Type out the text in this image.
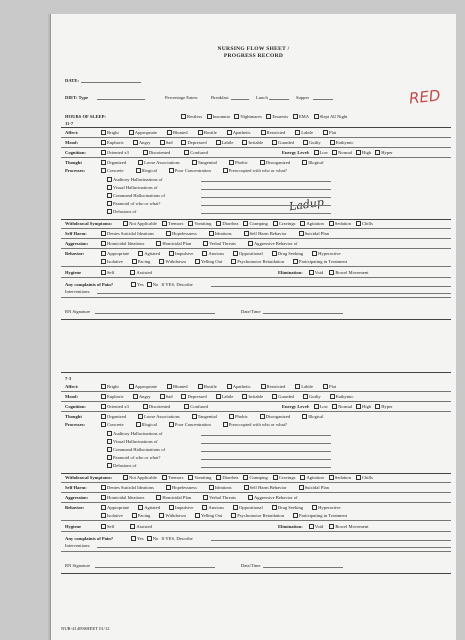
NURSING FLOW SHEET /
PROGRESS RECORD
RED
DATE:
DIET: Type	Percentage Eaten:	Breakfast	Lunch	Supper
HOURS OF SLEEP:	Restless Insomnia Nightmares Enuresis EMA Slept All Night
11-7
7-3
NUR-41409SHEET 01/12
Ladup
Affect:	Bright	Appropriate	Blunted	Hostile	Apathetic	Restricted	Labile	Flat
Mood:	Euphoric	Angry	Sad	Depressed	Labile	Irritable	Guarded	Guilty	Euthymic
Cognition:	Oriented x3	Disoriented	Confused	Energy Level: Low Normal High Hyper
Thought	Organized	Loose Associations	Tangential	Phobic	Disorganized	Illogical
Processes:	Concrete	Illogical	Poor Concentration	Preoccupied with who or what?
Auditory Hallucinations of
Visual Hallucinations of
Command Hallucinations of
Paranoid of who or what?
Delusions of
Withdrawal Symptoms:	Not Applicable Tremors Vomiting Diarrhea Cramping Cravings Agitation Sedation Chills
Self Harm:	Denies Suicidal Ideations	Hopelessness	Ideations	Self Harm Behavior	Suicidal Plan
Aggression:	Homicidal Ideations	Homicidal Plan	Verbal Threats	Aggressive Behavior of
Behavior:	Appropriate	Agitated	Impulsive	Anxious	Oppositional	Drug Seeking	Hyperactive
Isolative	Pacing	Withdrawn	Yelling Out	Psychomotor Retardation	Participating in Treatment
Hygiene	Self	Assisted	Elimination:	Void	Bowel Movement
Any complaints of Pain?	Yes No If YES, Describe
Interventions:
RN Signature	Date/Time
Affect:	Bright	Appropriate	Blunted	Hostile	Apathetic	Restricted	Labile	Flat
Mood:	Euphoric	Angry	Sad	Depressed	Labile	Irritable	Guarded	Guilty	Euthymic
Cognition:	Oriented x3	Disoriented	Confused	Energy Level: Low Normal High Hyper
Thought	Organized	Loose Associations	Tangential	Phobic	Disorganized	Illogical
Processes:	Concrete	Illogical	Poor Concentration	Preoccupied with who or what?
Auditory Hallucinations of
Visual Hallucinations of
Command Hallucinations of
Paranoid of who or what?
Delusions of
Withdrawal Symptoms:	Not Applicable Tremors Vomiting Diarrhea Cramping Cravings Agitation Sedation Chills
Self Harm:	Denies Suicidal Ideations	Hopelessness	Ideations	Self Harm Behavior	Suicidal Plan
Aggression:	Homicidal Ideations	Homicidal Plan	Verbal Threats	Aggressive Behavior of
Behavior:	Appropriate	Agitated	Impulsive	Anxious	Oppositional	Drug Seeking	Hyperactive
Isolative	Pacing	Withdrawn	Yelling Out	Psychomotor Retardation	Participating in Treatment
Hygiene	Self	Assisted	Elimination:	Void	Bowel Movement
Any complaints of Pain?	Yes No If YES, Describe
Interventions:
RN Signature	Date/Time
